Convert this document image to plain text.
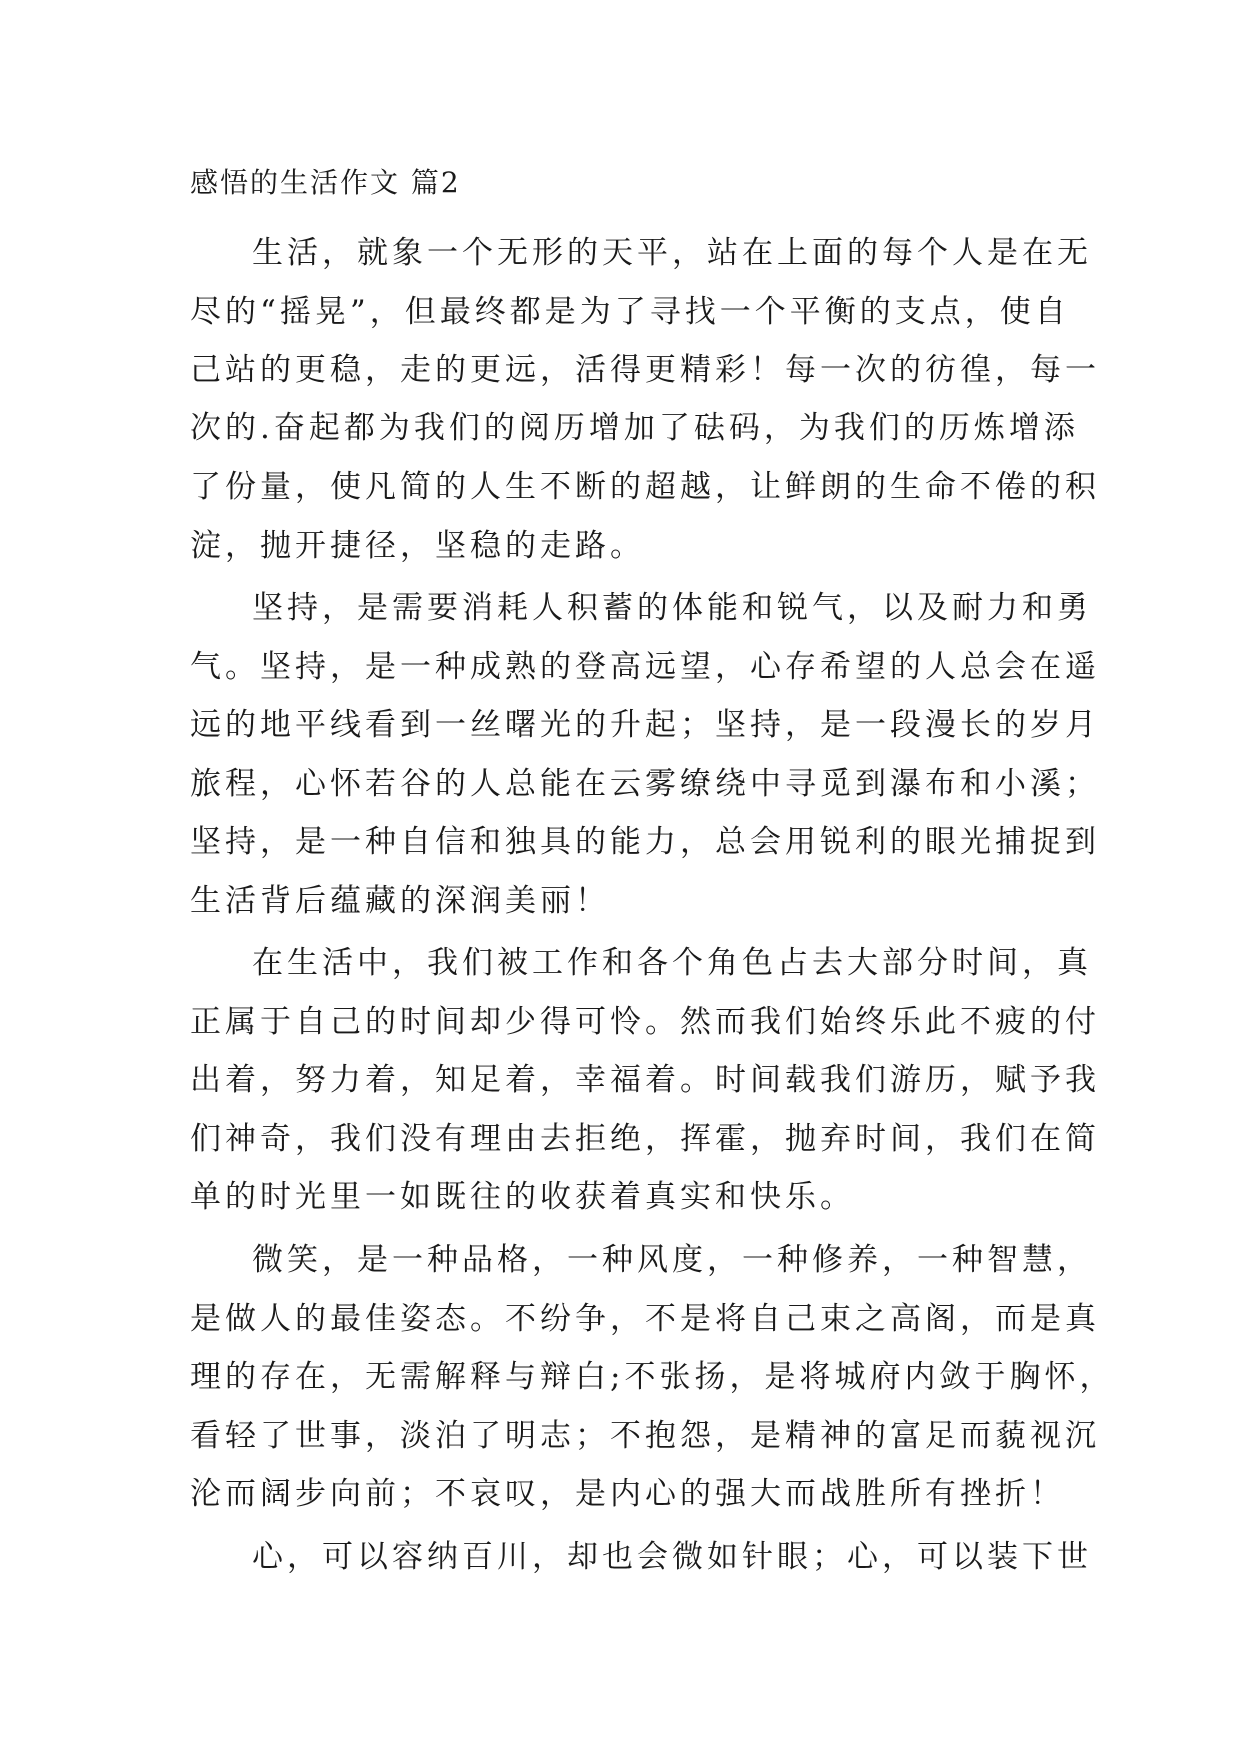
感悟的生活作文 篇2
生活，就象一个无形的天平，站在上面的每个人是在无
尽的“摇晃”，但最终都是为了寻找一个平衡的支点，使自
己站的更稳，走的更远，活得更精彩！每一次的彷徨，每一
次的.奋起都为我们的阅历增加了砝码，为我们的历炼增添
了份量，使凡简的人生不断的超越，让鲜朗的生命不倦的积
淀，抛开捷径，坚稳的走路。
坚持，是需要消耗人积蓄的体能和锐气，以及耐力和勇
气。坚持，是一种成熟的登高远望，心存希望的人总会在遥
远的地平线看到一丝曙光的升起；坚持，是一段漫长的岁月
旅程，心怀若谷的人总能在云雾缭绕中寻觅到瀑布和小溪；
坚持，是一种自信和独具的能力，总会用锐利的眼光捕捉到
生活背后蕴藏的深润美丽！
在生活中，我们被工作和各个角色占去大部分时间，真
正属于自己的时间却少得可怜。然而我们始终乐此不疲的付
出着，努力着，知足着，幸福着。时间载我们游历，赋予我
们神奇，我们没有理由去拒绝，挥霍，抛弃时间，我们在简
单的时光里一如既往的收获着真实和快乐。
微笑，是一种品格，一种风度，一种修养，一种智慧，
是做人的最佳姿态。不纷争，不是将自己束之高阁，而是真
理的存在，无需解释与辩白;不张扬，是将城府内敛于胸怀，
看轻了世事，淡泊了明志；不抱怨，是精神的富足而藐视沉
沦而阔步向前；不哀叹，是内心的强大而战胜所有挫折！
心，可以容纳百川，却也会微如针眼；心，可以装下世
